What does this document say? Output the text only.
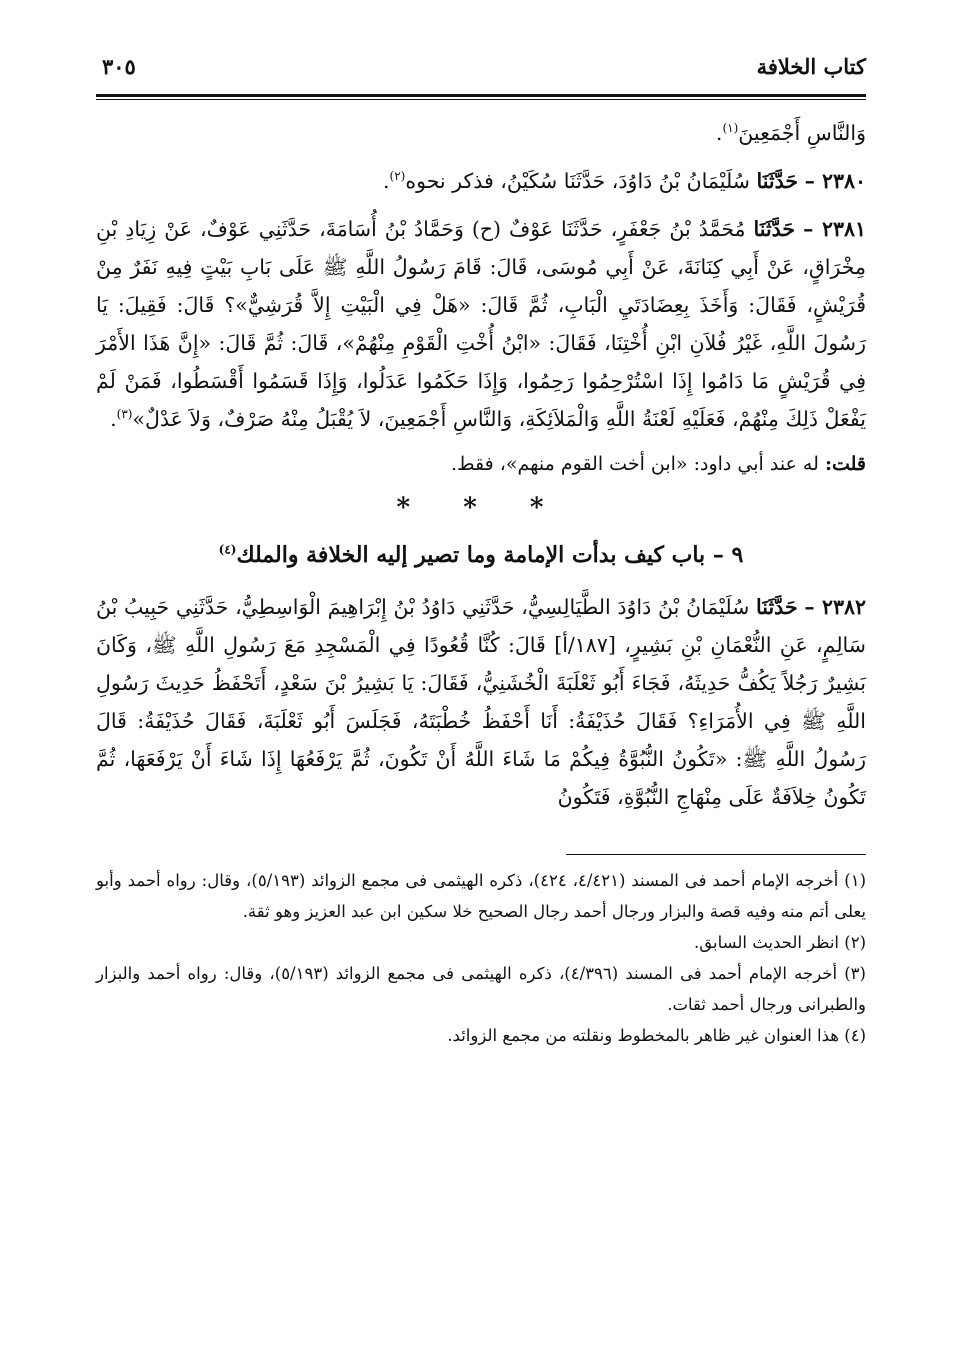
كتاب الخلافة
٣٠٥

وَالنَّاسِ أَجْمَعِينَ$^{(١)}$.

٢٣٨٠ – حَدَّثَنَا سُلَيْمَانُ بْنُ دَاوُدَ، حَدَّثَنَا سُكَيْنُ، فذكر نحوه$^{(٢)}$.

٢٣٨١ – حَدَّثَنَا مُحَمَّدُ بْنُ جَعْفَرٍ، حَدَّثَنَا عَوْفٌ (ح) وَحَمَّادُ بْنُ أُسَامَةَ، حَدَّثَنِي عَوْفٌ، عَنْ زِيَادِ بْنِ مِخْرَاقٍ، عَنْ أَبِي كِنَانَةَ، عَنْ أَبِي مُوسَى، قَالَ: قَامَ رَسُولُ اللَّهِ ﷺ عَلَى بَابِ بَيْتٍ فِيهِ نَفَرٌ مِنْ قُرَيْشٍ، فَقَالَ: وَأَخَذَ بِعِضَادَتَيِ الْبَابِ، ثُمَّ قَالَ: «هَلْ فِي الْبَيْتِ إِلاَّ قُرَشِيٌّ»؟ قَالَ: فَقِيلَ: يَا رَسُولَ اللَّهِ، غَيْرُ فُلاَنِ ابْنِ أُخْتِنَا، فَقَالَ: «ابْنُ أُخْتِ الْقَوْمِ مِنْهُمْ»، قَالَ: ثُمَّ قَالَ: «إِنَّ هَذَا الأَمْرَ فِي قُرَيْشٍ مَا دَامُوا إِذَا اسْتُرْحِمُوا رَحِمُوا، وَإِذَا حَكَمُوا عَدَلُوا، وَإِذَا قَسَمُوا أَقْسَطُوا، فَمَنْ لَمْ يَفْعَلْ ذَلِكَ مِنْهُمْ، فَعَلَيْهِ لَعْنَةُ اللَّهِ وَالْمَلاَئِكَةِ، وَالنَّاسِ أَجْمَعِينَ، لاَ يُقْبَلُ مِنْهُ صَرْفٌ، وَلاَ عَدْلٌ»$^{(٣)}$.

قلت: له عند أبي داود: «ابن أخت القوم منهم»، فقط.

* * *
٩ – باب كيف بدأت الإمامة وما تصير إليه الخلافة والملك$^{(٤)}$

٢٣٨٢ – حَدَّثَنَا سُلَيْمَانُ بْنُ دَاوُدَ الطَّيَالِسِيُّ، حَدَّثَنِي دَاوُدُ بْنُ إِبْرَاهِيمَ الْوَاسِطِيُّ، حَدَّثَنِي حَبِيبُ بْنُ سَالِمٍ، عَنِ النُّعْمَانِ بْنِ بَشِيرٍ، [١٨٧/أ] قَالَ: كُنَّا قُعُودًا فِي الْمَسْجِدِ مَعَ رَسُولِ اللَّهِ ﷺ، وَكَانَ بَشِيرٌ رَجُلاً يَكُفُّ حَدِيثَهُ، فَجَاءَ أَبُو ثَعْلَبَةَ الْخُشَنِيُّ، فَقَالَ: يَا بَشِيرُ بْنَ سَعْدٍ، أَتَحْفَظُ حَدِيثَ رَسُولِ اللَّهِ ﷺ فِي الأُمَرَاءِ؟ فَقَالَ حُذَيْفَةُ: أَنَا أَحْفَظُ خُطْبَتَهُ، فَجَلَسَ أَبُو ثَعْلَبَةَ، فَقَالَ حُذَيْفَةُ: قَالَ رَسُولُ اللَّهِ ﷺ: «تَكُونُ النُّبُوَّةُ فِيكُمْ مَا شَاءَ اللَّهُ أَنْ تَكُونَ، ثُمَّ يَرْفَعُهَا إِذَا شَاءَ أَنْ يَرْفَعَهَا، ثُمَّ تَكُونُ خِلاَفَةٌ عَلَى مِنْهَاجِ النُّبُوَّةِ، فَتَكُونُ

(١) أخرجه الإمام أحمد فى المسند (٤/٤٢١، ٤٢٤)، ذكره الهيثمى فى مجمع الزوائد (٥/١٩٣)، وقال: رواه أحمد وأبو يعلى أتم منه وفيه قصة والبزار ورجال أحمد رجال الصحيح خلا سكين ابن عبد العزيز وهو ثقة.

(٢) انظر الحديث السابق.

(٣) أخرجه الإمام أحمد فى المسند (٤/٣٩٦)، ذكره الهيثمى فى مجمع الزوائد (٥/١٩٣)، وقال: رواه أحمد والبزار والطبرانى ورجال أحمد ثقات.

(٤) هذا العنوان غير ظاهر بالمخطوط ونقلته من مجمع الزوائد.
